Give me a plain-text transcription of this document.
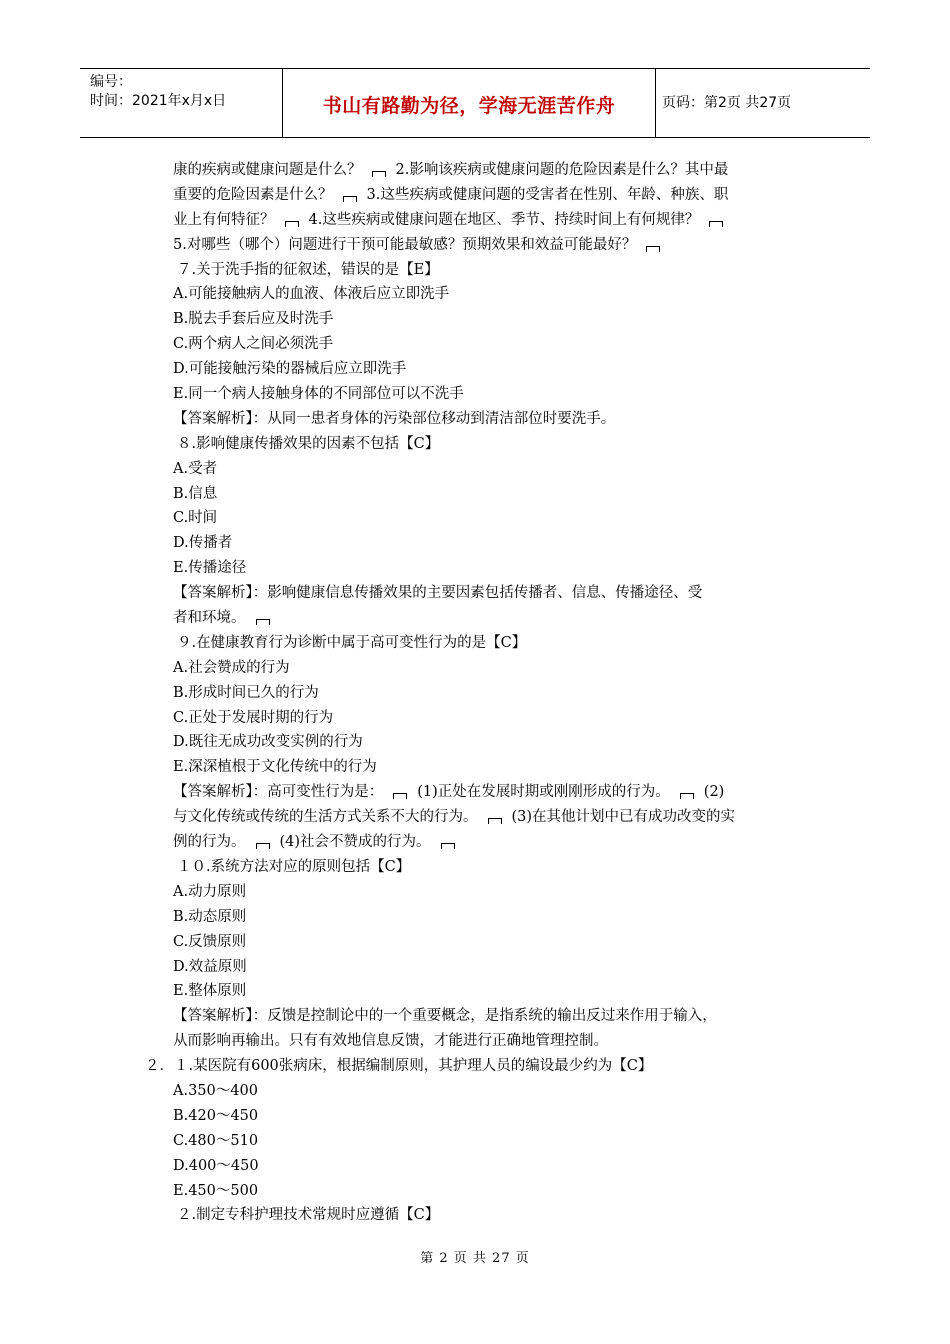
编号：
时间：2021年x月x日	书山有路勤为径，学海无涯苦作舟	页码：第2页 共27页
康的疾病或健康问题是什么？ 2.影响该疾病或健康问题的危险因素是什么？其中最
重要的危险因素是什么？ 3.这些疾病或健康问题的受害者在性别、年龄、种族、职
业上有何特征？ 4.这些疾病或健康问题在地区、季节、持续时间上有何规律？
5.对哪些（哪个）问题进行干预可能最敏感？预期效果和效益可能最好？
７.关于洗手指的征叙述，错误的是【E】
A.可能接触病人的血液、体液后应立即洗手
B.脱去手套后应及时洗手
C.两个病人之间必须洗手
D.可能接触污染的器械后应立即洗手
E.同一个病人接触身体的不同部位可以不洗手
【答案解析】：从同一患者身体的污染部位移动到清洁部位时要洗手。
８.影响健康传播效果的因素不包括【C】
A.受者
B.信息
C.时间
D.传播者
E.传播途径
【答案解析】：影响健康信息传播效果的主要因素包括传播者、信息、传播途径、受
者和环境。
９.在健康教育行为诊断中属于高可变性行为的是【C】
A.社会赞成的行为
B.形成时间已久的行为
C.正处于发展时期的行为
D.既往无成功改变实例的行为
E.深深植根于文化传统中的行为
【答案解析】：高可变性行为是： (1)正处在发展时期或刚刚形成的行为。 (2)
与文化传统或传统的生活方式关系不大的行为。 (3)在其他计划中已有成功改变的实
例的行为。 (4)社会不赞成的行为。
１０.系统方法对应的原则包括【C】
A.动力原则
B.动态原则
C.反馈原则
D.效益原则
E.整体原则
【答案解析】：反馈是控制论中的一个重要概念，是指系统的输出反过来作用于输入，
从而影响再输出。只有有效地信息反馈，才能进行正确地管理控制。
２．１.某医院有600张病床，根据编制原则，其护理人员的编设最少约为【C】
A.350～400
B.420～450
C.480～510
D.400～450
E.450～500
２.制定专科护理技术常规时应遵循【C】
第 2 页 共 27 页
